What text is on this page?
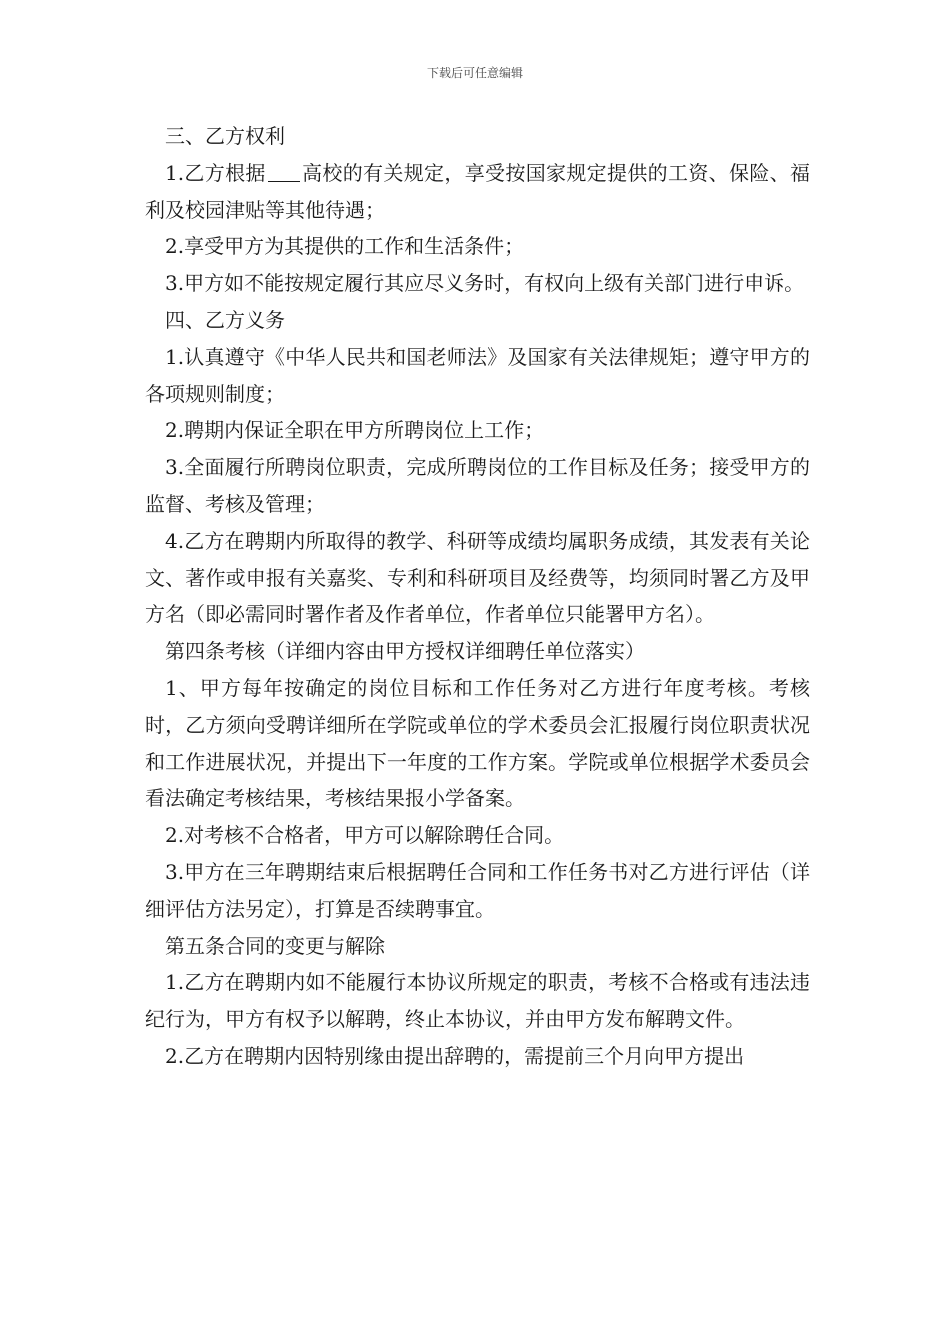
下载后可任意编辑

三、乙方权利

1.乙方根据 高校的有关规定，享受按国家规定提供的工资、保险、福利及校园津贴等其他待遇；

2.享受甲方为其提供的工作和生活条件；

3.甲方如不能按规定履行其应尽义务时，有权向上级有关部门进行申诉。

四、乙方义务

1.认真遵守《中华人民共和国老师法》及国家有关法律规矩；遵守甲方的各项规则制度；

2.聘期内保证全职在甲方所聘岗位上工作；

3.全面履行所聘岗位职责，完成所聘岗位的工作目标及任务；接受甲方的监督、考核及管理；

4.乙方在聘期内所取得的教学、科研等成绩均属职务成绩，其发表有关论文、著作或申报有关嘉奖、专利和科研项目及经费等，均须同时署乙方及甲方名（即必需同时署作者及作者单位，作者单位只能署甲方名）。

第四条考核（详细内容由甲方授权详细聘任单位落实）

1、甲方每年按确定的岗位目标和工作任务对乙方进行年度考核。考核时，乙方须向受聘详细所在学院或单位的学术委员会汇报履行岗位职责状况和工作进展状况，并提出下一年度的工作方案。学院或单位根据学术委员会看法确定考核结果，考核结果报小学备案。

2.对考核不合格者，甲方可以解除聘任合同。

3.甲方在三年聘期结束后根据聘任合同和工作任务书对乙方进行评估（详细评估方法另定），打算是否续聘事宜。

第五条合同的变更与解除

1.乙方在聘期内如不能履行本协议所规定的职责，考核不合格或有违法违纪行为，甲方有权予以解聘，终止本协议，并由甲方发布解聘文件。

2.乙方在聘期内因特别缘由提出辞聘的，需提前三个月向甲方提出
